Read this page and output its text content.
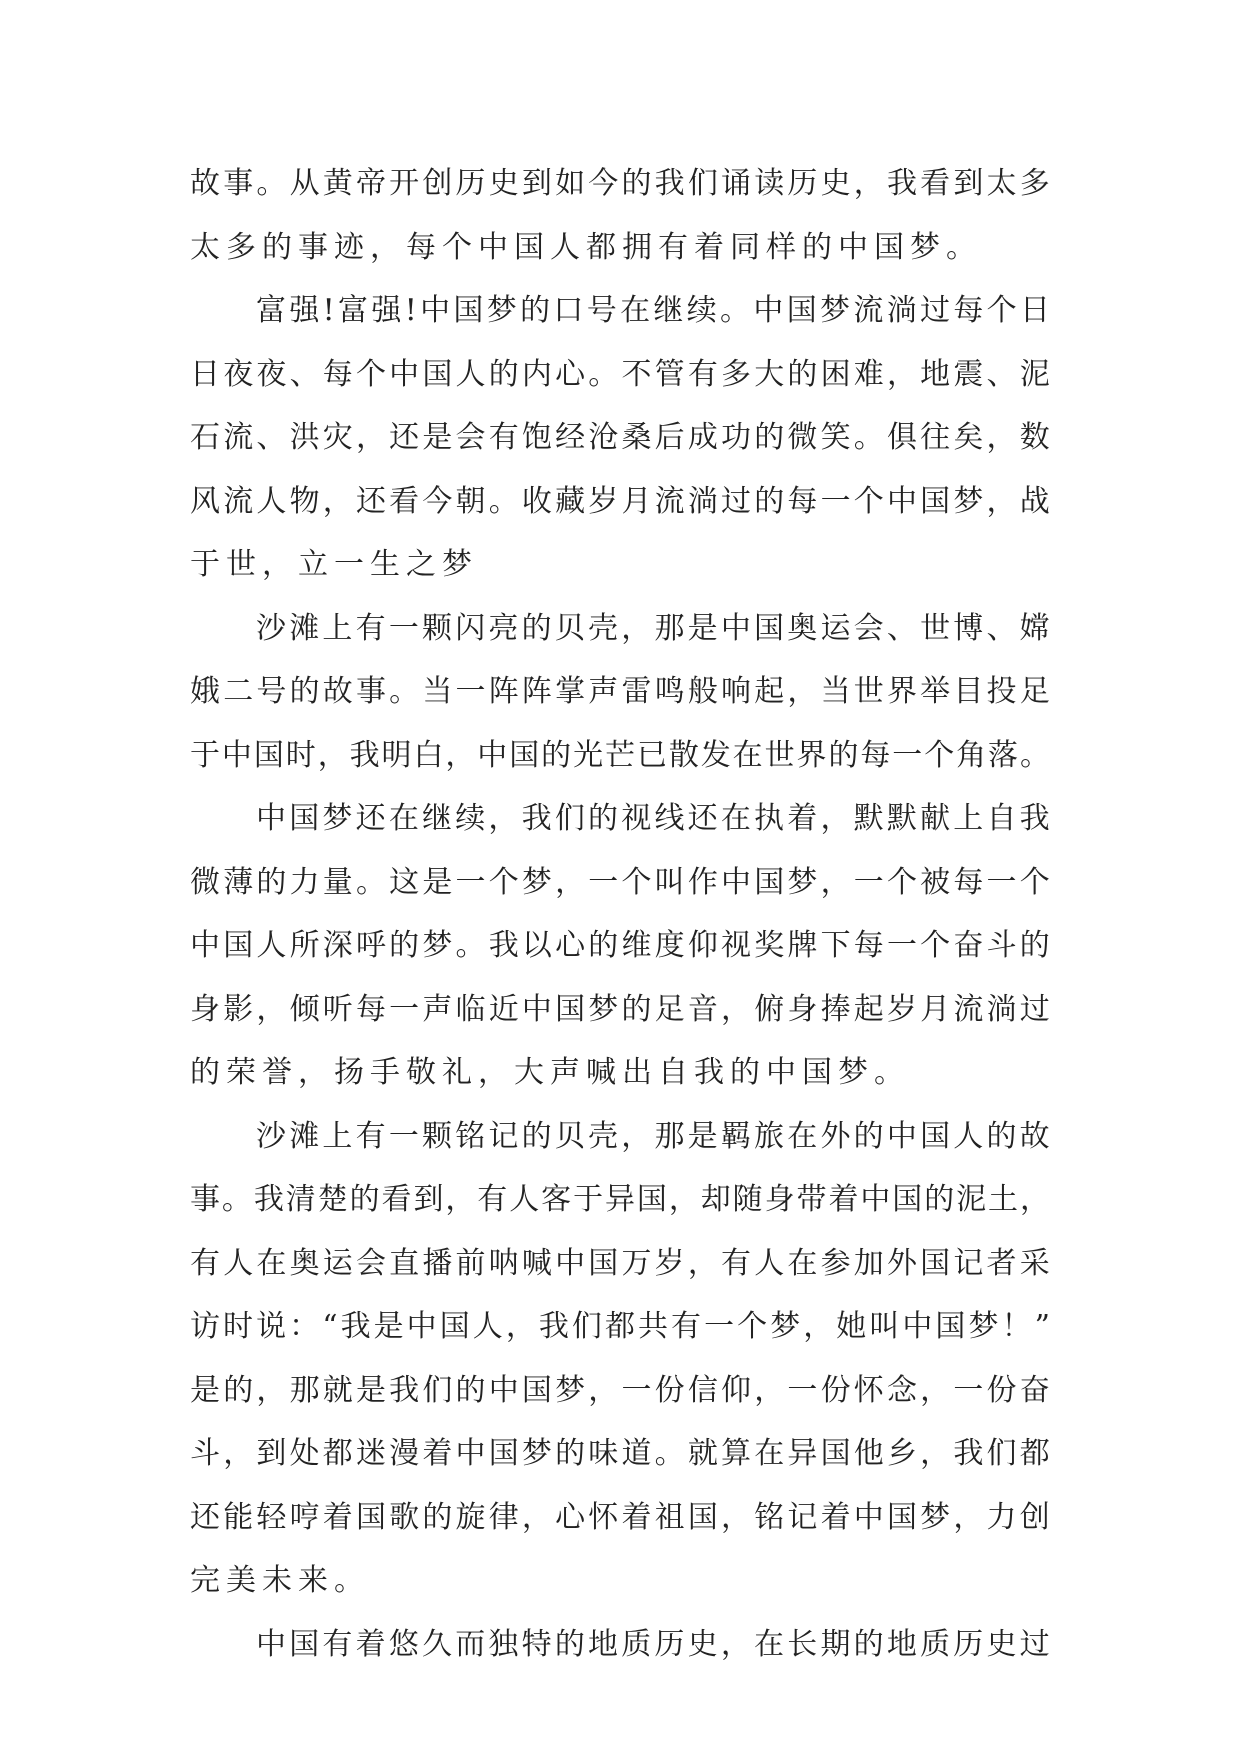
故 事 。 从 黄 帝 开 创 历 史 到 如 今 的 我 们 诵 读 历 史 ， 我 看 到 太 多
太多的事迹，每个中国人都拥有着同样的中国梦。
富 强 ! 富 强 ! 中 国 梦 的 口 号 在 继 续 。 中 国 梦 流 淌 过 每 个 日
日 夜 夜 、 每 个 中 国 人 的 内 心 。 不 管 有 多 大 的 困 难 ， 地 震 、 泥
石 流 、 洪 灾 ， 还 是 会 有 饱 经 沧 桑 后 成 功 的 微 笑 。 俱 往 矣 ， 数
风 流 人 物 ， 还 看 今 朝 。 收 藏 岁 月 流 淌 过 的 每 一 个 中 国 梦 ， 战
于世，立一生之梦
沙 滩 上 有 一 颗 闪 亮 的 贝 壳 ， 那 是 中 国 奥 运 会 、 世 博 、 嫦
娥 二 号 的 故 事 。 当 一 阵 阵 掌 声 雷 鸣 般 响 起 ， 当 世 界 举 目 投 足
于 中 国 时 ， 我 明 白 ， 中 国 的 光 芒 已 散 发 在 世 界 的 每 一 个 角 落 。
中 国 梦 还 在 继 续 ， 我 们 的 视 线 还 在 执 着 ， 默 默 献 上 自 我
微 薄 的 力 量 。 这 是 一 个 梦 ， 一 个 叫 作 中 国 梦 ， 一 个 被 每 一 个
中 国 人 所 深 呼 的 梦 。 我 以 心 的 维 度 仰 视 奖 牌 下 每 一 个 奋 斗 的
身 影 ， 倾 听 每 一 声 临 近 中 国 梦 的 足 音 ， 俯 身 捧 起 岁 月 流 淌 过
的荣誉，扬手敬礼，大声喊出自我的中国梦。
沙 滩 上 有 一 颗 铭 记 的 贝 壳 ， 那 是 羁 旅 在 外 的 中 国 人 的 故
事 。 我 清 楚 的 看 到 ， 有 人 客 于 异 国 ， 却 随 身 带 着 中 国 的 泥 土 ，
有 人 在 奥 运 会 直 播 前 呐 喊 中 国 万 岁 ， 有 人 在 参 加 外 国 记 者 采
访 时 说 ： “ 我 是 中 国 人 ， 我 们 都 共 有 一 个 梦 ， 她 叫 中 国 梦 ！ ”
是 的 ， 那 就 是 我 们 的 中 国 梦 ， 一 份 信 仰 ， 一 份 怀 念 ， 一 份 奋
斗 ， 到 处 都 迷 漫 着 中 国 梦 的 味 道 。 就 算 在 异 国 他 乡 ， 我 们 都
还 能 轻 哼 着 国 歌 的 旋 律 ， 心 怀 着 祖 国 ， 铭 记 着 中 国 梦 ， 力 创
完美未来。
中 国 有 着 悠 久 而 独 特 的 地 质 历 史 ， 在 长 期 的 地 质 历 史 过
